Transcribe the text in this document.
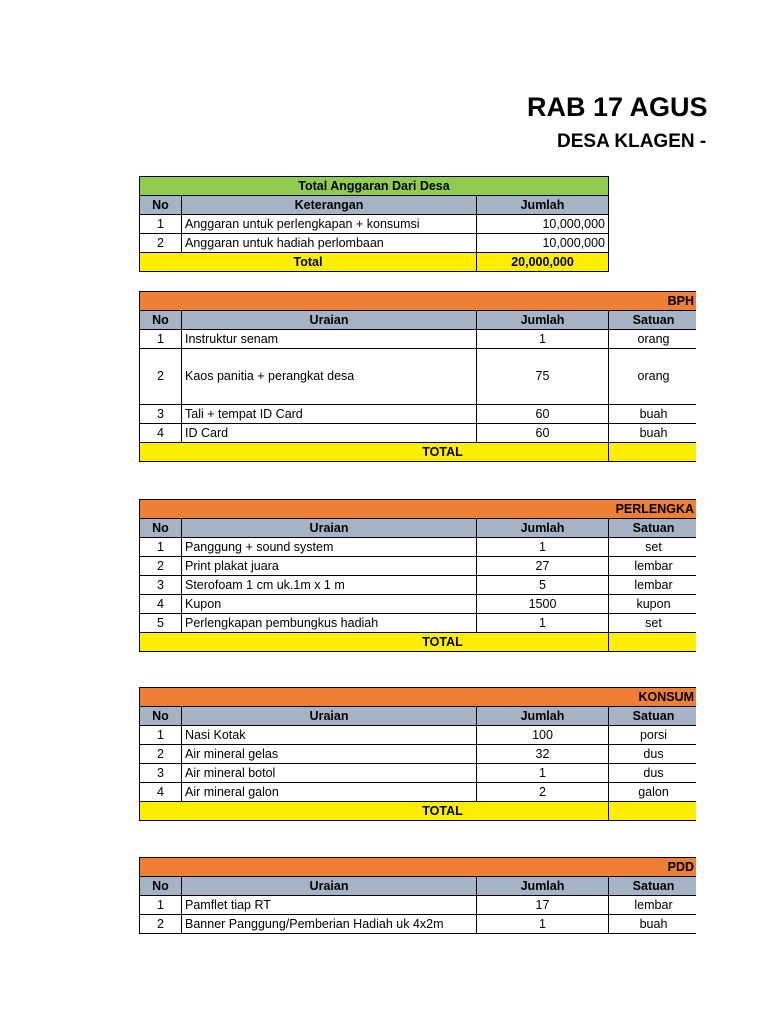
RAB 17 AGUS
DESA KLAGEN -
Total Anggaran Dari Desa		
No	Keterangan	Jumlah
1	Anggaran untuk perlengkapan + konsumsi	10,000,000
2	Anggaran untuk hadiah perlombaan	10,000,000
Total		20,000,000
BPH				
No	Uraian	Jumlah	Satuan	
1	Instruktur senam	1	orang	
2	Kaos panitia + perangkat desa	75	orang	
3	Tali + tempat ID Card	60	buah	
4	ID Card	60	buah	
TOTAL				
PERLENGKA				
No	Uraian	Jumlah	Satuan	
1	Panggung + sound system	1	set	
2	Print plakat juara	27	lembar	
3	Sterofoam 1 cm uk.1m x 1 m	5	lembar	
4	Kupon	1500	kupon	
5	Perlengkapan pembungkus hadiah	1	set	
TOTAL				
KONSUM				
No	Uraian	Jumlah	Satuan	
1	Nasi Kotak	100	porsi	
2	Air mineral gelas	32	dus	
3	Air mineral botol	1	dus	
4	Air mineral galon	2	galon	
TOTAL				
PDD				
No	Uraian	Jumlah	Satuan	
1	Pamflet tiap RT	17	lembar	
2	Banner Panggung/Pemberian Hadiah uk 4x2m	1	buah	
